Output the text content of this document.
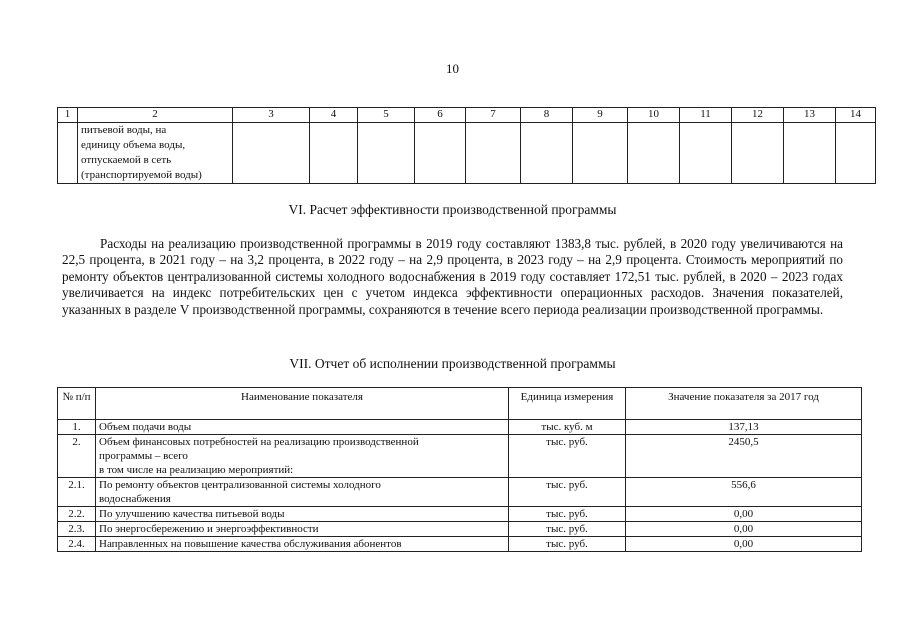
10
1	2	3	4	5	6	7	8	9	10	11	12	13	14

	питьевой воды, на
единицу объема воды,
отпускаемой в сеть
(транспортируемой воды)												

VI. Расчет эффективности производственной программы

Расходы на реализацию производственной программы в 2019 году составляют 1383,8 тыс. рублей, в 2020 году увеличиваются на 22,5 процента, в 2021 году – на 3,2 процента, в 2022 году – на 2,9 процента, в 2023 году – на 2,9 процента. Стоимость мероприятий по ремонту объектов централизованной системы холодного водоснабжения в 2019 году составляет 172,51 тыс. рублей, в 2020 – 2023 годах увеличивается на индекс потребительских цен с учетом индекса эффективности операционных расходов. Значения показателей, указанных в разделе V производственной программы, сохраняются в течение всего периода реализации производственной программы.

VII. Отчет об исполнении производственной программы
№ п/п	Наименование показателя	Единица измерения	Значение показателя за 2017 год
1.	Объем подачи воды	тыс. куб. м	137,13
2.	Объем финансовых потребностей на реализацию производственной
программы – всего
в том числе на реализацию мероприятий:	тыс. руб.	2450,5
2.1.	По ремонту объектов централизованной системы холодного
водоснабжения	тыс. руб.	556,6
2.2.	По улучшению качества питьевой воды	тыс. руб.	0,00
2.3.	По энергосбережению и энергоэффективности	тыс. руб.	0,00
2.4.	Направленных на повышение качества обслуживания абонентов	тыс. руб.	0,00
